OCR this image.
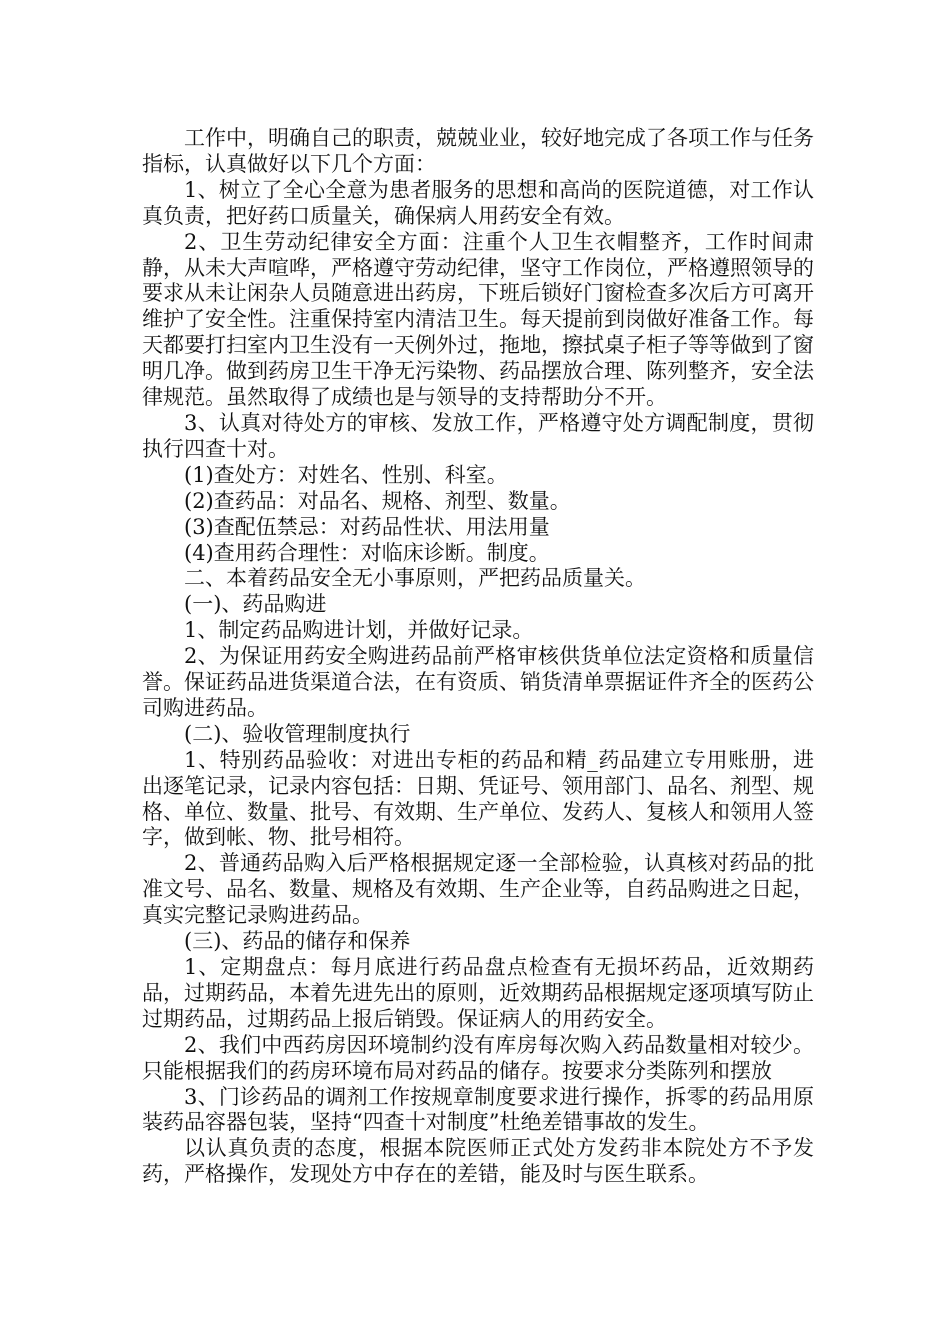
工作中，明确自己的职责，兢兢业业，较好地完成了各项工作与任务指标，认真做好以下几个方面：

1、树立了全心全意为患者服务的思想和高尚的医院道德，对工作认真负责，把好药口质量关，确保病人用药安全有效。

2、卫生劳动纪律安全方面：注重个人卫生衣帽整齐，工作时间肃静，从未大声喧哗，严格遵守劳动纪律，坚守工作岗位，严格遵照领导的要求从未让闲杂人员随意进出药房，下班后锁好门窗检查多次后方可离开维护了安全性。注重保持室内清洁卫生。每天提前到岗做好准备工作。每天都要打扫室内卫生没有一天例外过，拖地，擦拭桌子柜子等等做到了窗明几净。做到药房卫生干净无污染物、药品摆放合理、陈列整齐，安全法律规范。虽然取得了成绩也是与领导的支持帮助分不开。

3、认真对待处方的审核、发放工作，严格遵守处方调配制度，贯彻执行四查十对。

(1)查处方：对姓名、性别、科室。

(2)查药品：对品名、规格、剂型、数量。

(3)查配伍禁忌：对药品性状、用法用量

(4)查用药合理性：对临床诊断。制度。

二、本着药品安全无小事原则，严把药品质量关。

(一)、药品购进

1、制定药品购进计划，并做好记录。

2、为保证用药安全购进药品前严格审核供货单位法定资格和质量信誉。保证药品进货渠道合法，在有资质、销货清单票据证件齐全的医药公司购进药品。

(二)、验收管理制度执行

1、特别药品验收：对进出专柜的药品和精_药品建立专用账册，进出逐笔记录，记录内容包括：日期、凭证号、领用部门、品名、剂型、规格、单位、数量、批号、有效期、生产单位、发药人、复核人和领用人签字，做到帐、物、批号相符。

2、普通药品购入后严格根据规定逐一全部检验，认真核对药品的批准文号、品名、数量、规格及有效期、生产企业等，自药品购进之日起，真实完整记录购进药品。

(三)、药品的储存和保养

1、定期盘点：每月底进行药品盘点检查有无损坏药品，近效期药品，过期药品，本着先进先出的原则，近效期药品根据规定逐项填写防止过期药品，过期药品上报后销毁。保证病人的用药安全。

2、我们中西药房因环境制约没有库房每次购入药品数量相对较少。只能根据我们的药房环境布局对药品的储存。按要求分类陈列和摆放

3、门诊药品的调剂工作按规章制度要求进行操作，拆零的药品用原装药品容器包装，坚持“四查十对制度”杜绝差错事故的发生。

以认真负责的态度，根据本院医师正式处方发药非本院处方不予发药，严格操作，发现处方中存在的差错，能及时与医生联系。
